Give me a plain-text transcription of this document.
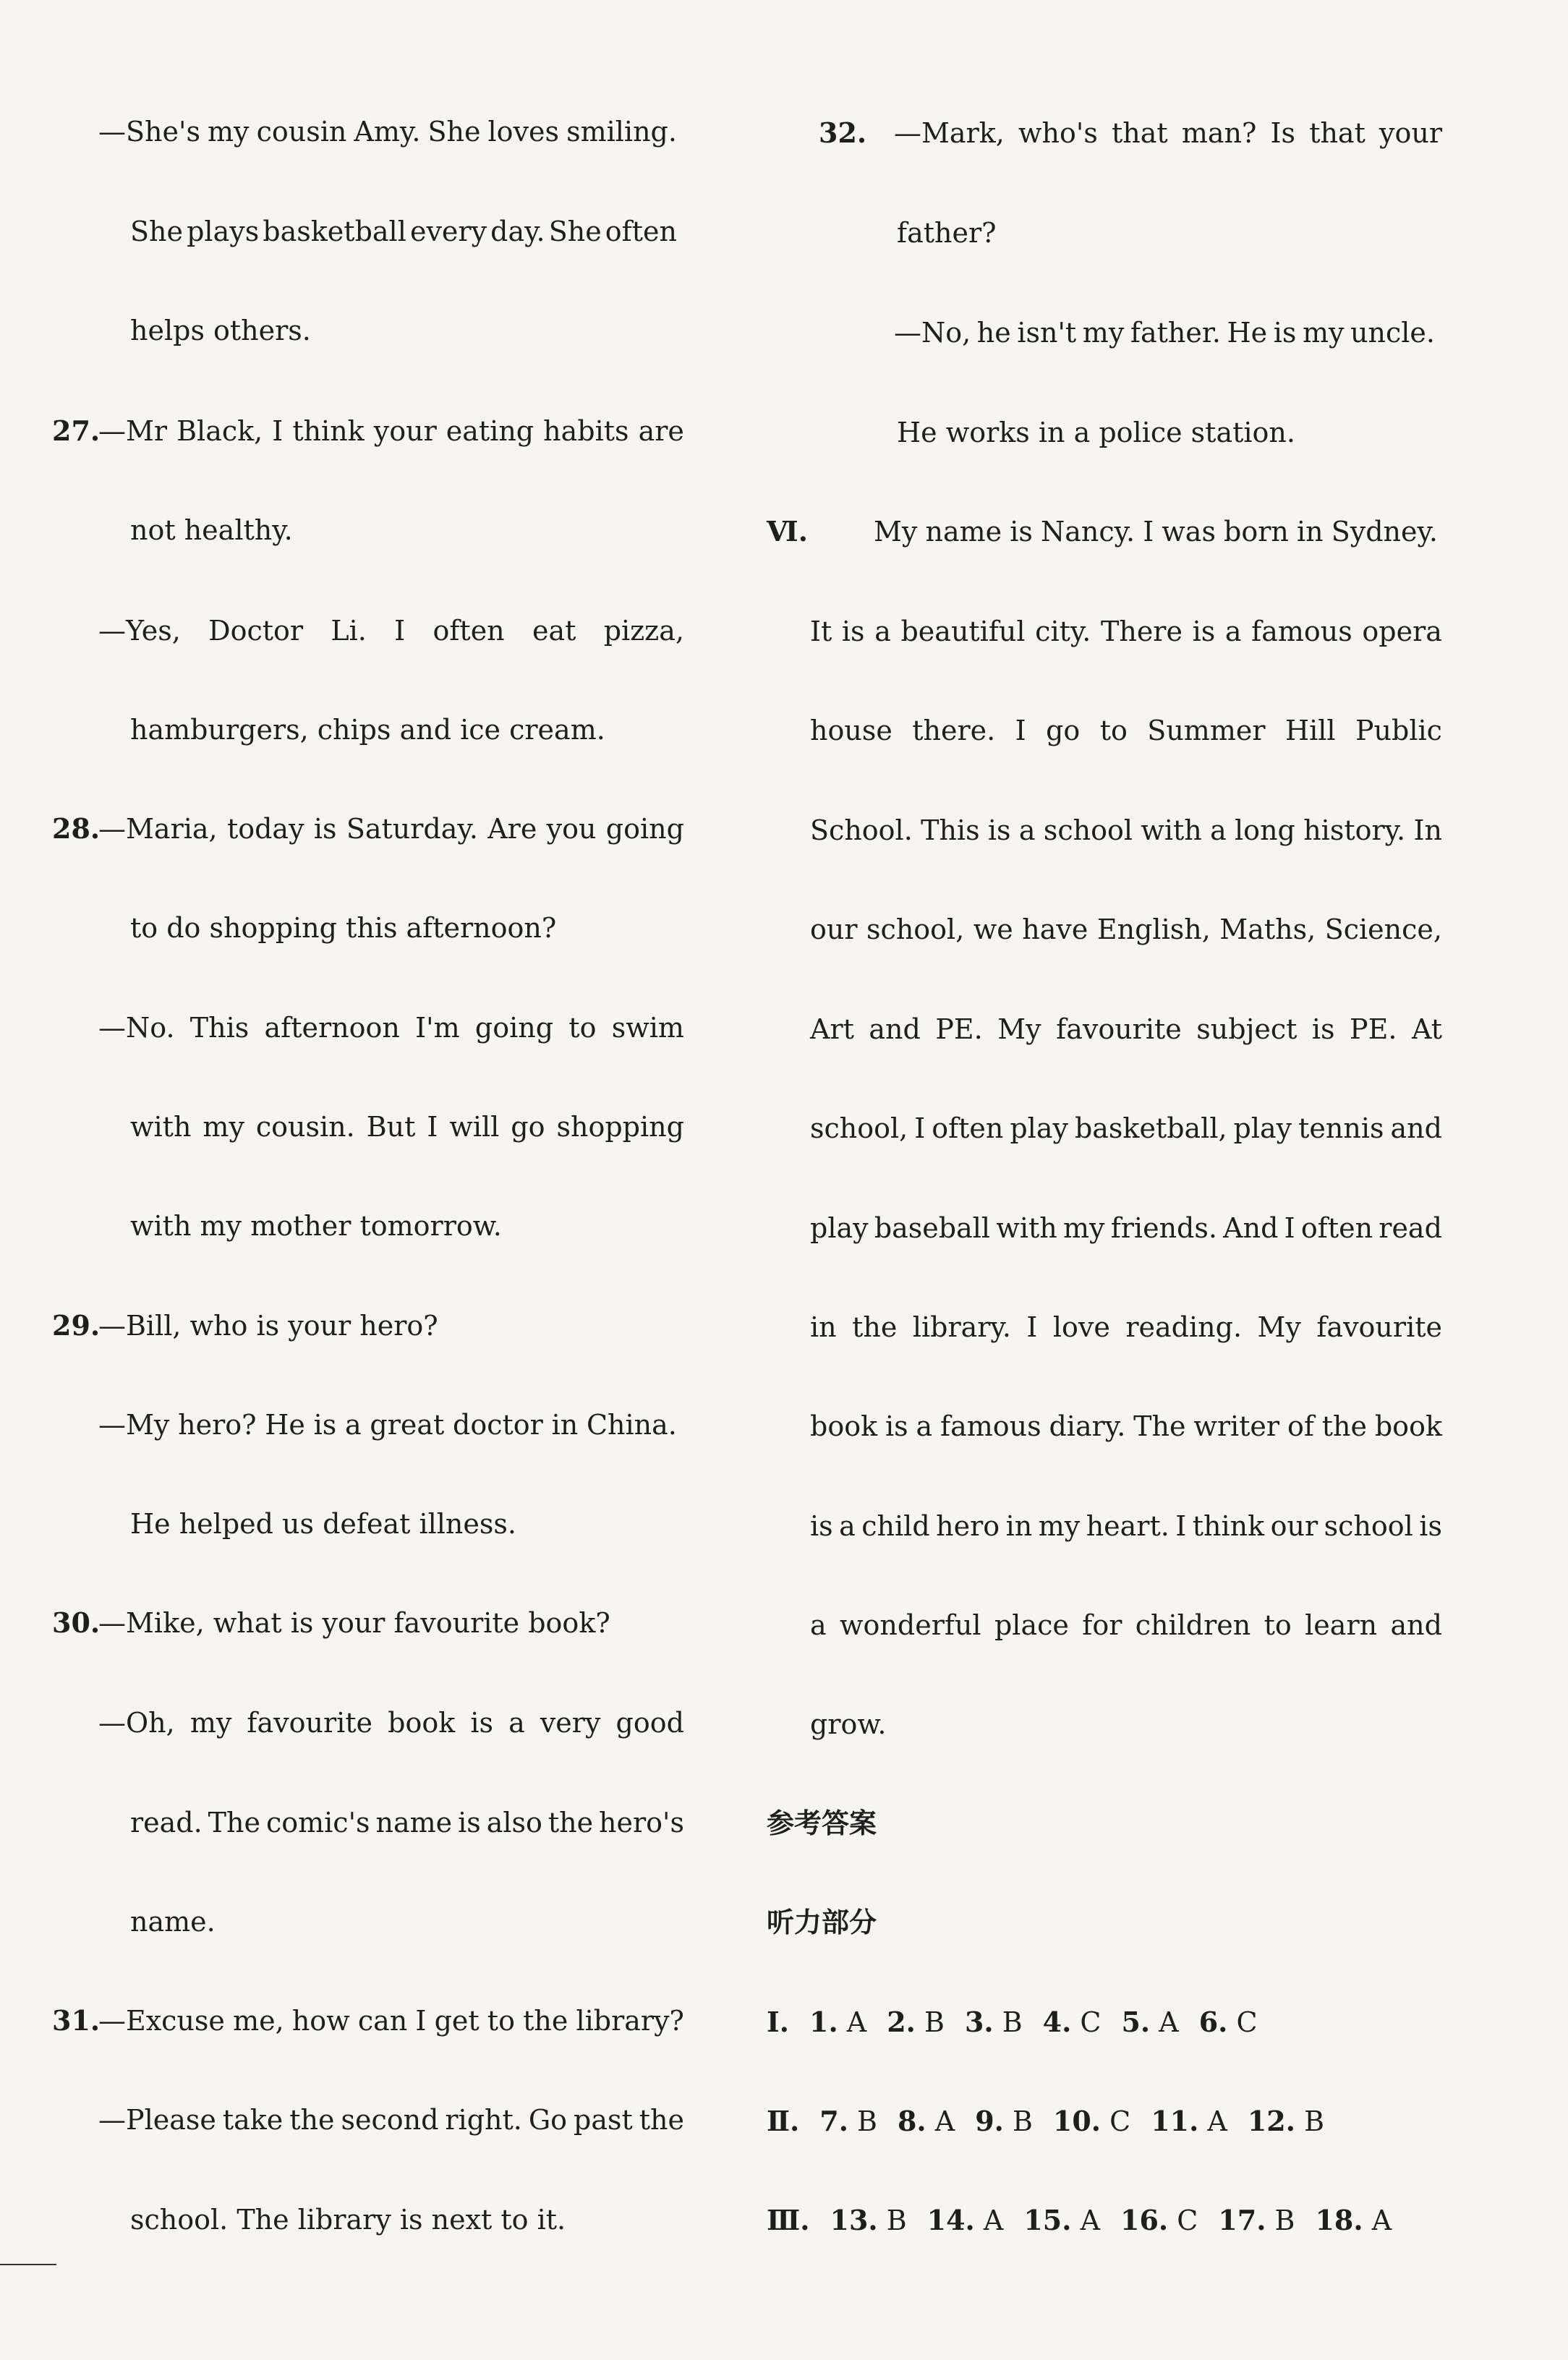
—She's my cousin Amy. She loves smiling.
She plays basketball every day. She often
helps others.
27.
—Mr Black, I think your eating habits are
not healthy.
—Yes, Doctor Li. I often eat pizza,
hamburgers, chips and ice cream.
28.
—Maria, today is Saturday. Are you going
to do shopping this afternoon?
—No. This afternoon I'm going to swim
with my cousin. But I will go shopping
with my mother tomorrow.
29.
—Bill, who is your hero?
—My hero? He is a great doctor in China.
He helped us defeat illness.
30.
—Mike, what is your favourite book?
—Oh, my favourite book is a very good
read. The comic's name is also the hero's
name.
31.
—Excuse me, how can I get to the library?
—Please take the second right. Go past the
school. The library is next to it.
32. —Mark, who's that man? Is that your
father?
—No, he isn't my father. He is my uncle.
He works in a police station.
Ⅵ. My name is Nancy. I was born in Sydney.
It is a beautiful city. There is a famous opera
house there. I go to Summer Hill Public
School. This is a school with a long history. In
our school, we have English, Maths, Science,
Art and PE. My favourite subject is PE. At
school, I often play basketball, play tennis and
play baseball with my friends. And I often read
in the library. I love reading. My favourite
book is a famous diary. The writer of the book
is a child hero in my heart. I think our school is
a wonderful place for children to learn and
grow.
参考答案
听力部分
Ⅰ. 1. A 2. B 3. B 4. C 5. A 6. C
Ⅱ. 7. B 8. A 9. B 10. C 11. A 12. B
Ⅲ. 13. B 14. A 15. A 16. C 17. B 18. A
